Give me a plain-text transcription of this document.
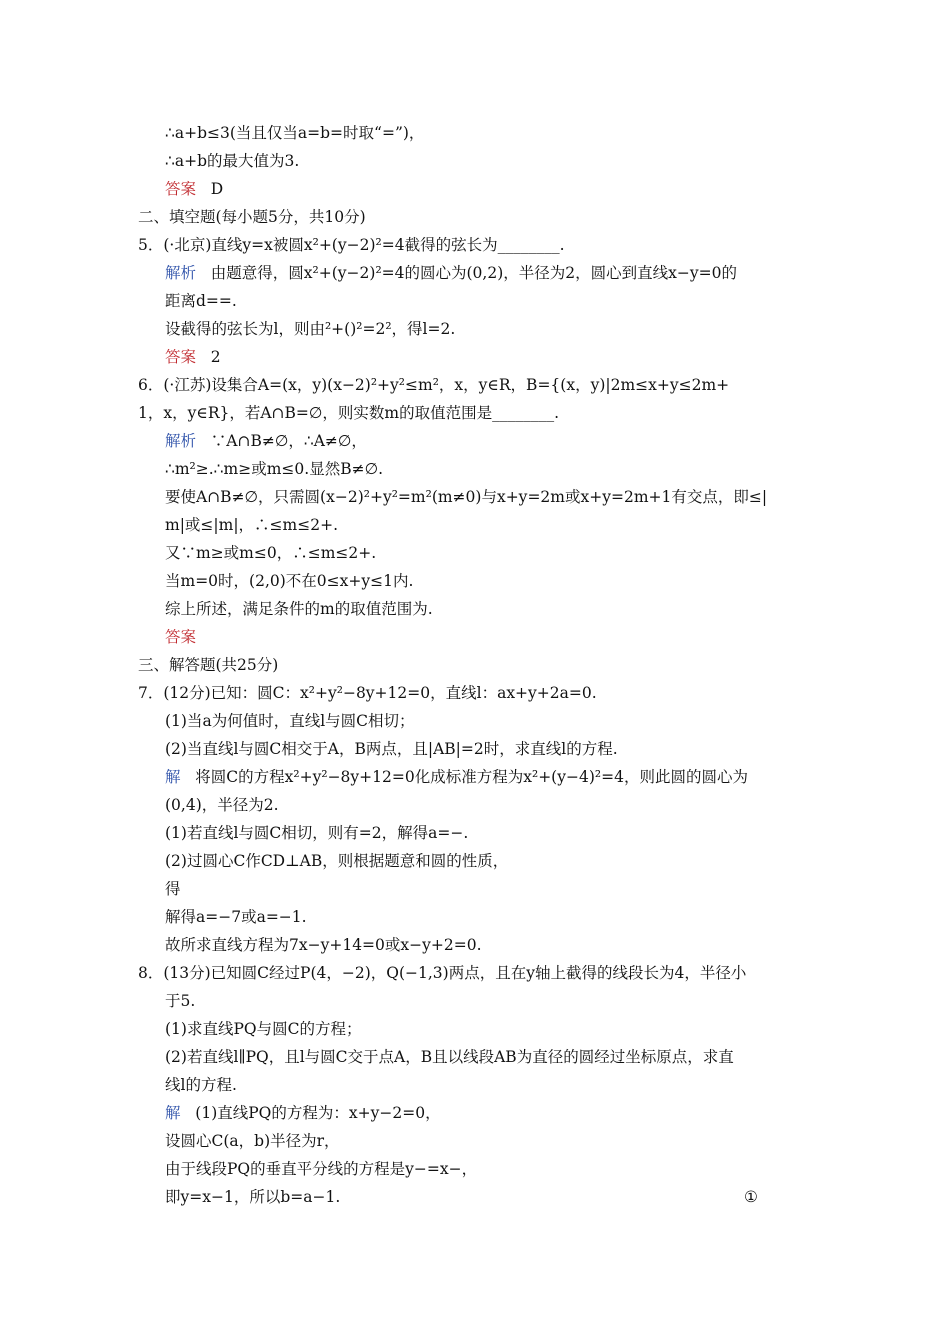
∴a+b≤3(当且仅当a=b=时取“=”)，
∴a+b的最大值为3.
答案 D
二、填空题(每小题5分，共10分)
5．(·北京)直线y=x被圆x²+(y−2)²=4截得的弦长为________.
解析 由题意得，圆x²+(y−2)²=4的圆心为(0,2)，半径为2，圆心到直线x−y=0的
距离d==.
设截得的弦长为l，则由²+()²=2²，得l=2.
答案 2
6．(·江苏)设集合A=(x，y)(x−2)²+y²≤m²，x，y∈R，B={(x，y)|2m≤x+y≤2m+
1，x，y∈R}，若A∩B=∅，则实数m的取值范围是________.
解析 ∵A∩B≠∅，∴A≠∅，
∴m²≥.∴m≥或m≤0.显然B≠∅.
要使A∩B≠∅，只需圆(x−2)²+y²=m²(m≠0)与x+y=2m或x+y=2m+1有交点，即≤|
m|或≤|m|，∴≤m≤2+.
又∵m≥或m≤0，∴≤m≤2+.
当m=0时，(2,0)不在0≤x+y≤1内.
综上所述，满足条件的m的取值范围为.
答案
三、解答题(共25分)
7．(12分)已知：圆C：x²+y²−8y+12=0，直线l：ax+y+2a=0.
(1)当a为何值时，直线l与圆C相切；
(2)当直线l与圆C相交于A，B两点，且|AB|=2时，求直线l的方程.
解 将圆C的方程x²+y²−8y+12=0化成标准方程为x²+(y−4)²=4，则此圆的圆心为
(0,4)，半径为2.
(1)若直线l与圆C相切，则有=2，解得a=−.
(2)过圆心C作CD⊥AB，则根据题意和圆的性质，
得
解得a=−7或a=−1.
故所求直线方程为7x−y+14=0或x−y+2=0.
8．(13分)已知圆C经过P(4，−2)，Q(−1,3)两点，且在y轴上截得的线段长为4，半径小
于5.
(1)求直线PQ与圆C的方程；
(2)若直线l∥PQ，且l与圆C交于点A，B且以线段AB为直径的圆经过坐标原点，求直
线l的方程.
解 (1)直线PQ的方程为：x+y−2=0，
设圆心C(a，b)半径为r，
由于线段PQ的垂直平分线的方程是y−=x−，
即y=x−1，所以b=a−1.	①
